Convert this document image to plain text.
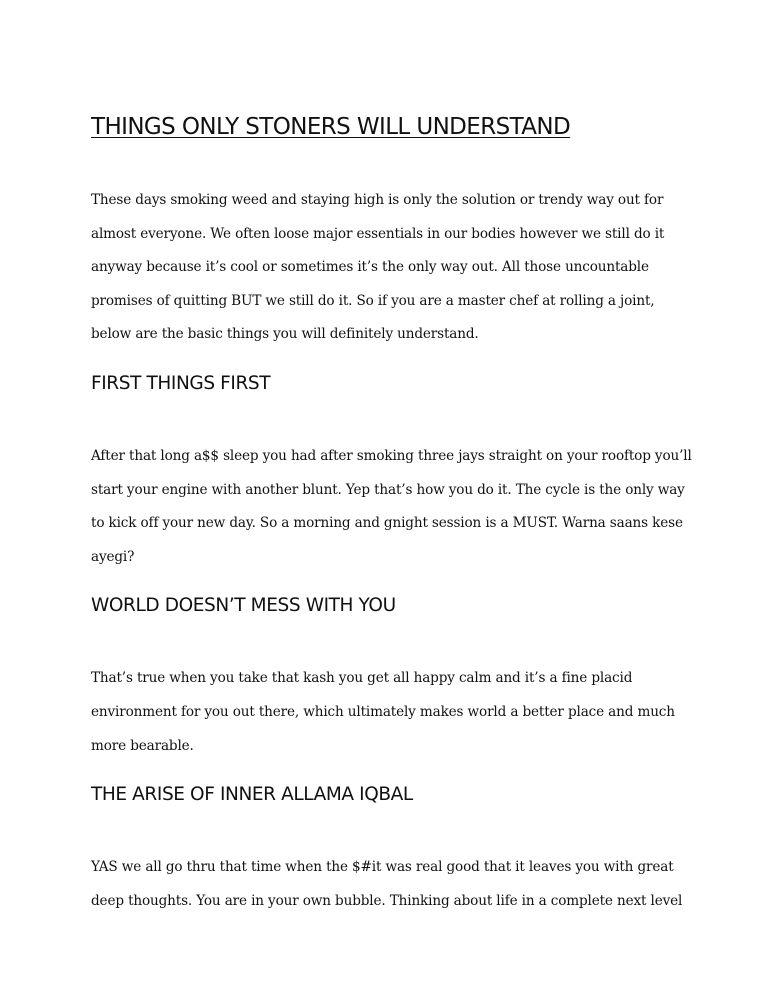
THINGS ONLY STONERS WILL UNDERSTAND

These days smoking weed and staying high is only the solution or trendy way out for
almost everyone. We often loose major essentials in our bodies however we still do it
anyway because it’s cool or sometimes it’s the only way out. All those uncountable
promises of quitting BUT we still do it. So if you are a master chef at rolling a joint,
below are the basic things you will definitely understand.

FIRST THINGS FIRST

After that long a$$ sleep you had after smoking three jays straight on your rooftop you’ll
start your engine with another blunt. Yep that’s how you do it. The cycle is the only way
to kick off your new day. So a morning and gnight session is a MUST. Warna saans kese
ayegi?

WORLD DOESN’T MESS WITH YOU

That’s true when you take that kash you get all happy calm and it’s a fine placid
environment for you out there, which ultimately makes world a better place and much
more bearable.

THE ARISE OF INNER ALLAMA IQBAL

YAS we all go thru that time when the $#it was real good that it leaves you with great
deep thoughts. You are in your own bubble. Thinking about life in a complete next level
